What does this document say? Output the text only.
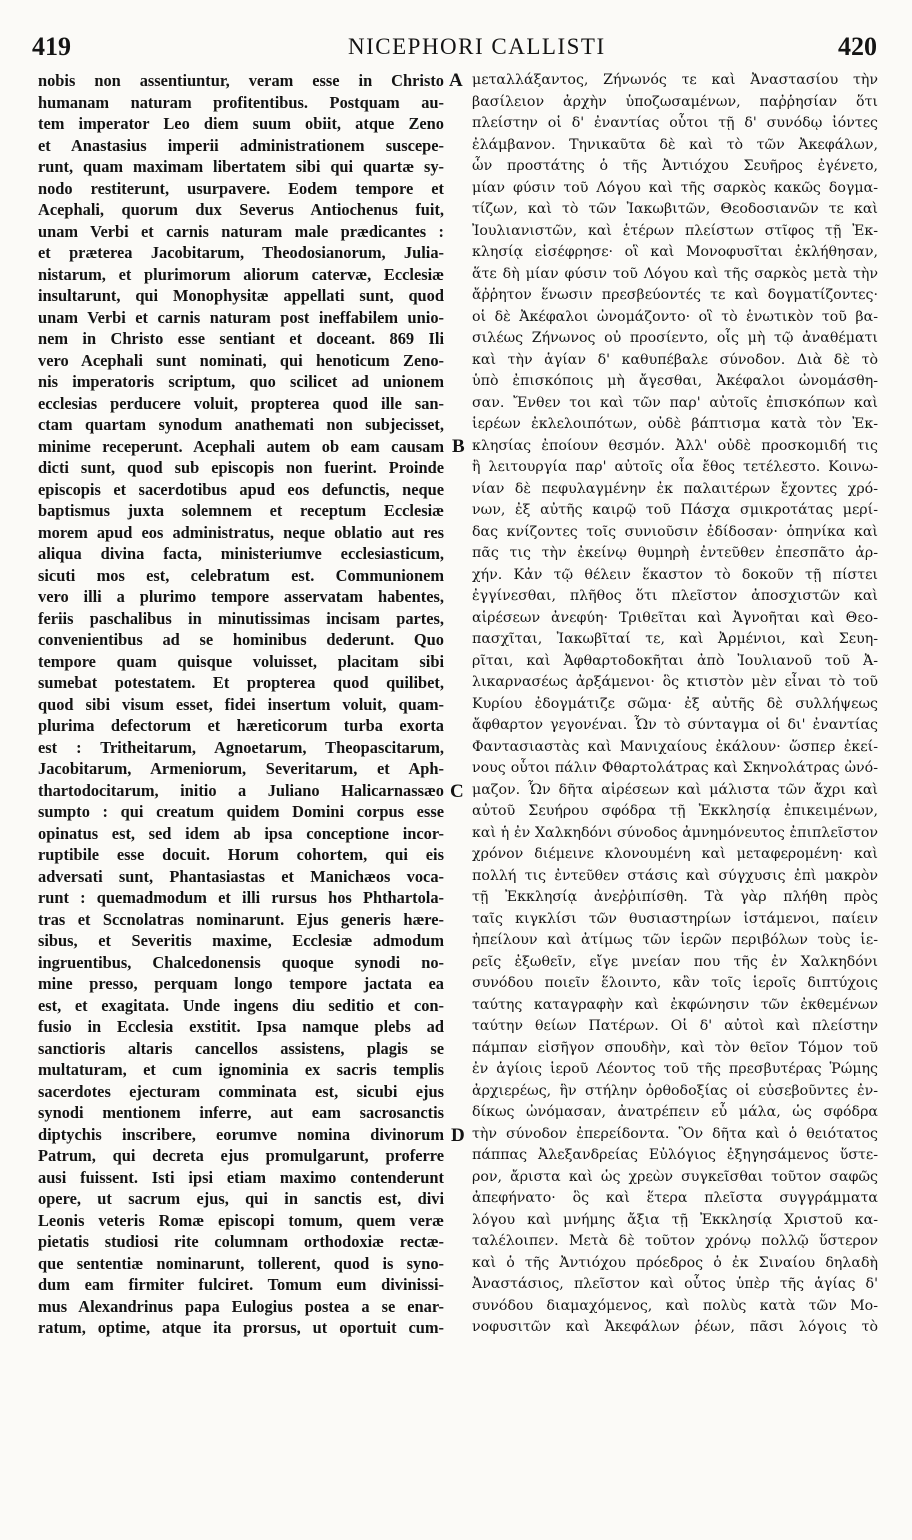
419	NICEPHORI CALLISTI	420
nobis non assentiuntur, veram esse in Christo
humanam naturam profitentibus. Postquam au-
tem imperator Leo diem suum obiit, atque Zeno
et Anastasius imperii administrationem suscepe-
runt, quam maximam libertatem sibi qui quartæ sy-
nodo restiterunt, usurpavere. Eodem tempore et
Acephali, quorum dux Severus Antiochenus fuit,
unam Verbi et carnis naturam male prædicantes :
et præterea Jacobitarum, Theodosianorum, Julia-
nistarum, et plurimorum aliorum catervæ, Ecclesiæ
insultarunt, qui Monophysitæ appellati sunt, quod
unam Verbi et carnis naturam post ineffabilem unio-
nem in Christo esse sentiant et doceant. 869 Ili
vero Acephali sunt nominati, qui henoticum Zeno-
nis imperatoris scriptum, quo scilicet ad unionem
ecclesias perducere voluit, propterea quod ille san-
ctam quartam synodum anathemati non subjecisset,
minime receperunt. Acephali autem ob eam causam
dicti sunt, quod sub episcopis non fuerint. Proinde
episcopis et sacerdotibus apud eos defunctis, neque
baptismus juxta solemnem et receptum Ecclesiæ
morem apud eos administratus, neque oblatio aut res
aliqua divina facta, ministeriumve ecclesiasticum,
sicuti mos est, celebratum est. Communionem
vero illi a plurimo tempore asservatam habentes,
feriis paschalibus in minutissimas incisam partes,
convenientibus ad se hominibus dederunt. Quo
tempore quam quisque voluisset, placitam sibi
sumebat potestatem. Et propterea quod quilibet,
quod sibi visum esset, fidei insertum voluit, quam-
plurima defectorum et hæreticorum turba exorta
est : Tritheitarum, Agnoetarum, Theopascitarum,
Jacobitarum, Armeniorum, Severitarum, et Aph-
thartodocitarum, initio a Juliano Halicarnassæo
sumpto : qui creatum quidem Domini corpus esse
opinatus est, sed idem ab ipsa conceptione incor-
ruptibile esse docuit. Horum cohortem, qui eis
adversati sunt, Phantasiastas et Manichæos voca-
runt : quemadmodum et illi rursus hos Phthartola-
tras et Sccnolatras nominarunt. Ejus generis hære-
sibus, et Severitis maxime, Ecclesiæ admodum
ingruentibus, Chalcedonensis quoque synodi no-
mine presso, perquam longo tempore jactata ea
est, et exagitata. Unde ingens diu seditio et con-
fusio in Ecclesia exstitit. Ipsa namque plebs ad
sanctioris altaris cancellos assistens, plagis se
multaturam, et cum ignominia ex sacris templis
sacerdotes ejecturam comminata est, sicubi ejus
synodi mentionem inferre, aut eam sacrosanctis
diptychis inscribere, eorumve nomina divinorum
Patrum, qui decreta ejus promulgarunt, proferre
ausi fuissent. Isti ipsi etiam maximo contenderunt
opere, ut sacrum ejus, qui in sanctis est, divi
Leonis veteris Romæ episcopi tomum, quem veræ
pietatis studiosi rite columnam orthodoxiæ rectæ-
que sententiæ nominarunt, tollerent, quod is syno-
dum eam firmiter fulciret. Tomum eum divinissi-
mus Alexandrinus papa Eulogius postea a se enar-
ratum, optime, atque ita prorsus, ut oportuit cum-
μεταλλάξαντος, Ζήνωνός τε καὶ Ἀναστασίου τὴν
βασίλειον ἀρχὴν ὑποζωσαμένων, παῤῥησίαν ὅτι
πλείστην οἱ δ' ἐναντίας οὗτοι τῇ δ' συνόδῳ ἰόντες
ἐλάμβανον. Τηνικαῦτα δὲ καὶ τὸ τῶν Ἀκεφάλων,
ὧν προστάτης ὁ τῆς Ἀντιόχου Σευῆρος ἐγένετο,
μίαν φύσιν τοῦ Λόγου καὶ τῆς σαρκὸς κακῶς δογμα-
τίζων, καὶ τὸ τῶν Ἰακωβιτῶν, Θεοδοσιανῶν τε καὶ
Ἰουλιανιστῶν, καὶ ἑτέρων πλείστων στῖφος τῇ Ἐκ-
κλησίᾳ εἰσέφρησε· οἳ καὶ Μονοφυσῖται ἐκλήθησαν,
ἅτε δὴ μίαν φύσιν τοῦ Λόγου καὶ τῆς σαρκὸς μετὰ τὴν
ἄῤῥητον ἕνωσιν πρεσβεύοντές τε καὶ δογματίζοντες·
οἱ δὲ Ἀκέφαλοι ὠνομάζοντο· οἳ τὸ ἑνωτικὸν τοῦ βα-
σιλέως Ζήνωνος οὐ προσίεντο, οἷς μὴ τῷ ἀναθέματι
καὶ τὴν ἁγίαν δ' καθυπέβαλε σύνοδον. Διὰ δὲ τὸ
ὑπὸ ἐπισκόποις μὴ ἄγεσθαι, Ἀκέφαλοι ὠνομάσθη-
σαν. Ἔνθεν τοι καὶ τῶν παρ' αὐτοῖς ἐπισκόπων καὶ
ἱερέων ἐκλελοιπότων, οὐδὲ βάπτισμα κατὰ τὸν Ἐκ-
κλησίας ἐποίουν θεσμόν. Ἀλλ' οὐδὲ προσκομιδή τις
ἢ λειτουργία παρ' αὐτοῖς οἷα ἔθος τετέλεστο. Κοινω-
νίαν δὲ πεφυλαγμένην ἐκ παλαιτέρων ἔχοντες χρό-
νων, ἐξ αὐτῆς καιρῷ τοῦ Πάσχα σμικροτάτας μερί-
δας κνίζοντες τοῖς συνιοῦσιν ἐδίδοσαν· ὁπηνίκα καὶ
πᾶς τις τὴν ἐκείνῳ θυμηρὴ ἐντεῦθεν ἐπεσπᾶτο ἀρ-
χήν. Κἀν τῷ θέλειν ἕκαστον τὸ δοκοῦν τῇ πίστει
ἐγγίνεσθαι, πλῆθος ὅτι πλεῖστον ἀποσχιστῶν καὶ
αἱρέσεων ἀνεφύη· Τριθεῖται καὶ Ἀγνοῆται καὶ Θεο-
πασχῖται, Ἰακωβῖταί τε, καὶ Ἀρμένιοι, καὶ Σευη-
ρῖται, καὶ Ἀφθαρτοδοκῆται ἀπὸ Ἰουλιανοῦ τοῦ Ἀ-
λικαρνασέως ἀρξάμενοι· ὃς κτιστὸν μὲν εἶναι τὸ τοῦ
Κυρίου ἐδογμάτιζε σῶμα· ἐξ αὐτῆς δὲ συλλήψεως
ἄφθαρτον γεγονέναι. Ὧν τὸ σύνταγμα οἱ δι' ἐναντίας
Φαντασιαστὰς καὶ Μανιχαίους ἐκάλουν· ὥσπερ ἐκεί-
νους οὗτοι πάλιν Φθαρτολάτρας καὶ Σκηνολάτρας ὠνό-
μαζον. Ὧν δῆτα αἱρέσεων καὶ μάλιστα τῶν ἄχρι καὶ
αὐτοῦ Σευήρου σφόδρα τῇ Ἐκκλησίᾳ ἐπικειμένων,
καὶ ἡ ἐν Χαλκηδόνι σύνοδος ἀμνημόνευτος ἐπιπλεῖστον
χρόνον διέμεινε κλονουμένη καὶ μεταφερομένη· καὶ
πολλή τις ἐντεῦθεν στάσις καὶ σύγχυσις ἐπὶ μακρὸν
τῇ Ἐκκλησίᾳ ἀνεῤῥιπίσθη. Τὰ γὰρ πλήθη πρὸς
ταῖς κιγκλίσι τῶν θυσιαστηρίων ἱστάμενοι, παίειν
ἠπείλουν καὶ ἀτίμως τῶν ἱερῶν περιβόλων τοὺς ἱε-
ρεῖς ἐξωθεῖν, εἴγε μνείαν που τῆς ἐν Χαλκηδόνι
συνόδου ποιεῖν ἕλοιντο, κἂν τοῖς ἱεροῖς διπτύχοις
ταύτης καταγραφὴν καὶ ἐκφώνησιν τῶν ἐκθεμένων
ταύτην θείων Πατέρων. Οἱ δ' αὐτοὶ καὶ πλείστην
πάμπαν εἰσῆγον σπουδὴν, καὶ τὸν θεῖον Τόμον τοῦ
ἐν ἁγίοις ἱεροῦ Λέοντος τοῦ τῆς πρεσβυτέρας Ῥώμης
ἀρχιερέως, ἣν στήλην ὀρθοδοξίας οἱ εὐσεβοῦντες ἐν-
δίκως ὠνόμασαν, ἀνατρέπειν εὖ μάλα, ὡς σφόδρα
τὴν σύνοδον ἐπερείδοντα. Ὃν δῆτα καὶ ὁ θειότατος
πάππας Ἀλεξανδρείας Εὐλόγιος ἐξηγησάμενος ὕστε-
ρον, ἄριστα καὶ ὡς χρεὼν συγκεῖσθαι τοῦτον σαφῶς
ἀπεφήνατο· ὃς καὶ ἕτερα πλεῖστα συγγράμματα
λόγου καὶ μνήμης ἄξια τῇ Ἐκκλησίᾳ Χριστοῦ κα-
ταλέλοιπεν. Μετὰ δὲ τοῦτον χρόνῳ πολλῷ ὕστερον
καὶ ὁ τῆς Ἀντιόχου πρόεδρος ὁ ἐκ Σιναίου δηλαδὴ
Ἀναστάσιος, πλεῖστον καὶ οὗτος ὑπὲρ τῆς ἁγίας δ'
συνόδου διαμαχόμενος, καὶ πολὺς κατὰ τῶν Μο-
νοφυσιτῶν καὶ Ἀκεφάλων ῥέων, πᾶσι λόγοις τὸ
A
B
C
D
